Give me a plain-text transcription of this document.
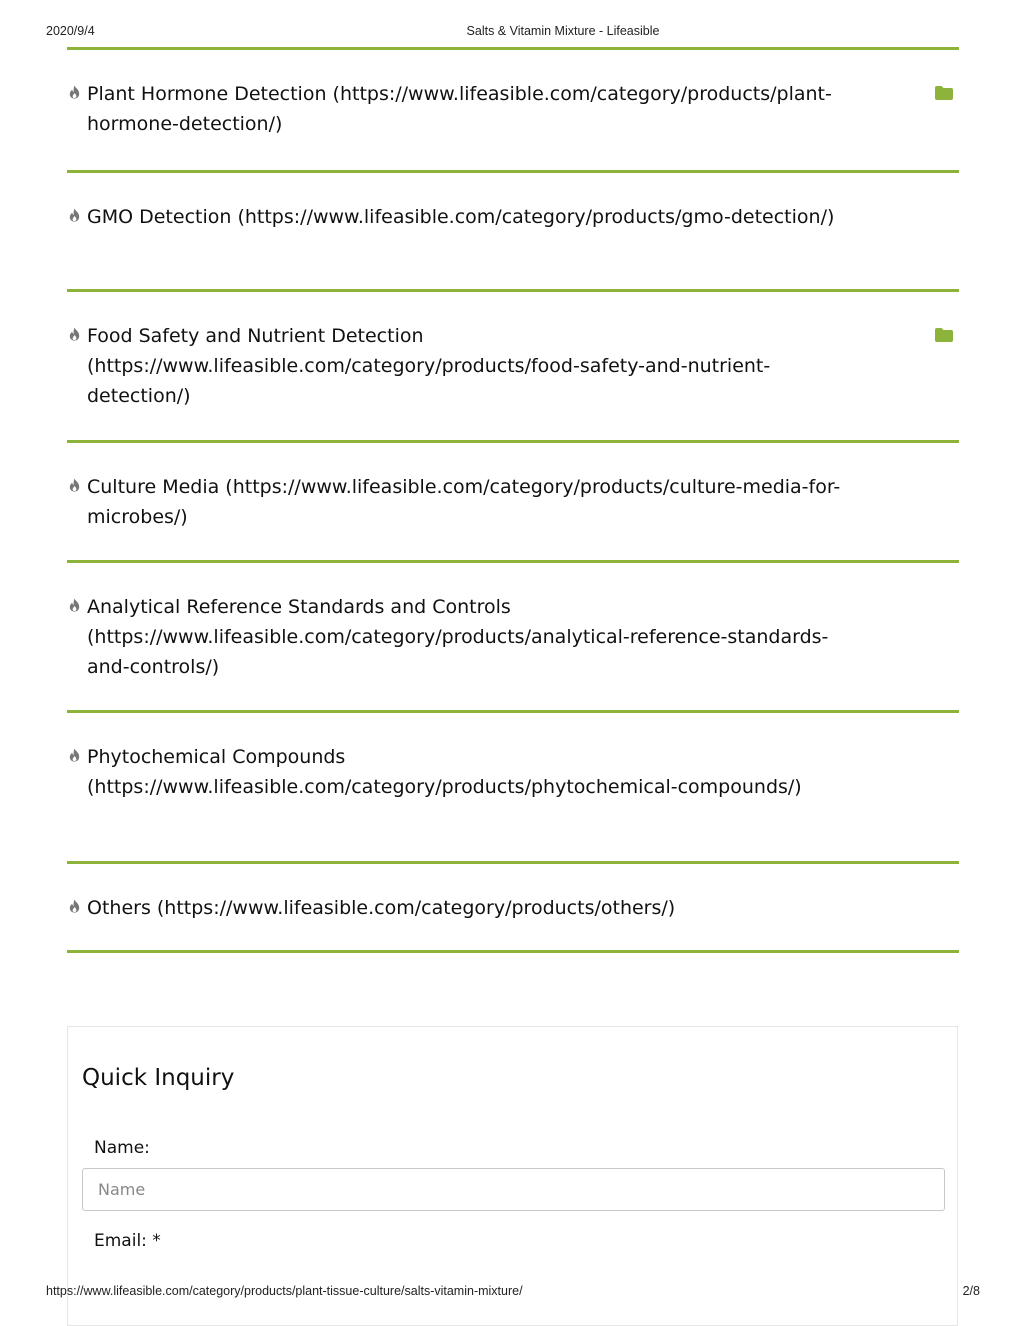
2020/9/4	Salts & Vitamin Mixture - Lifeasible
Plant Hormone Detection (https://www.lifeasible.com/category/products/plant-hormone-detection/)
GMO Detection (https://www.lifeasible.com/category/products/gmo-detection/)
Food Safety and Nutrient Detection (https://www.lifeasible.com/category/products/food-safety-and-nutrient-detection/)
Culture Media (https://www.lifeasible.com/category/products/culture-media-for-microbes/)
Analytical Reference Standards and Controls (https://www.lifeasible.com/category/products/analytical-reference-standards-and-controls/)
Phytochemical Compounds (https://www.lifeasible.com/category/products/phytochemical-compounds/)
Others (https://www.lifeasible.com/category/products/others/)
Quick Inquiry
Name:
Name
Email: *
https://www.lifeasible.com/category/products/plant-tissue-culture/salts-vitamin-mixture/	2/8
